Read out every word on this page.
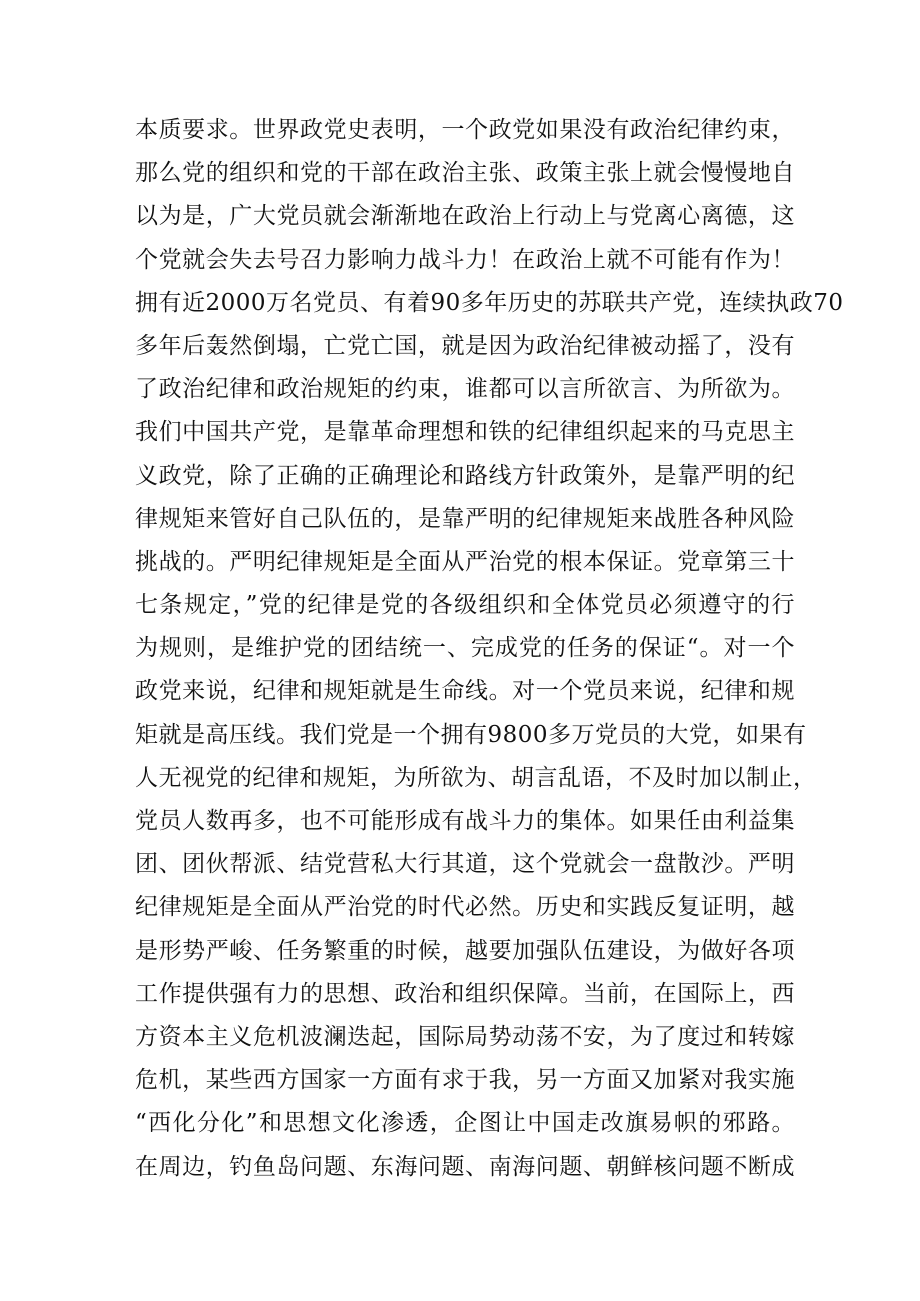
本质要求。世界政党史表明，一个政党如果没有政治纪律约束，
那么党的组织和党的干部在政治主张、政策主张上就会慢慢地自
以为是，广大党员就会渐渐地在政治上行动上与党离心离德，这
个党就会失去号召力影响力战斗力！在政治上就不可能有作为！
拥有近2000万名党员、有着90多年历史的苏联共产党，连续执政70
多年后轰然倒塌，亡党亡国，就是因为政治纪律被动摇了，没有
了政治纪律和政治规矩的约束，谁都可以言所欲言、为所欲为。
我们中国共产党，是靠革命理想和铁的纪律组织起来的马克思主
义政党，除了正确的正确理论和路线方针政策外，是靠严明的纪
律规矩来管好自己队伍的，是靠严明的纪律规矩来战胜各种风险
挑战的。严明纪律规矩是全面从严治党的根本保证。党章第三十
七条规定，”党的纪律是党的各级组织和全体党员必须遵守的行
为规则，是维护党的团结统一、完成党的任务的保证“。对一个
政党来说，纪律和规矩就是生命线。对一个党员来说，纪律和规
矩就是高压线。我们党是一个拥有9800多万党员的大党，如果有
人无视党的纪律和规矩，为所欲为、胡言乱语，不及时加以制止，
党员人数再多，也不可能形成有战斗力的集体。如果任由利益集
团、团伙帮派、结党营私大行其道，这个党就会一盘散沙。严明
纪律规矩是全面从严治党的时代必然。历史和实践反复证明，越
是形势严峻、任务繁重的时候，越要加强队伍建设，为做好各项
工作提供强有力的思想、政治和组织保障。当前，在国际上，西
方资本主义危机波澜迭起，国际局势动荡不安，为了度过和转嫁
危机，某些西方国家一方面有求于我，另一方面又加紧对我实施
“西化分化”和思想文化渗透，企图让中国走改旗易帜的邪路。
在周边，钓鱼岛问题、东海问题、南海问题、朝鲜核问题不断成
